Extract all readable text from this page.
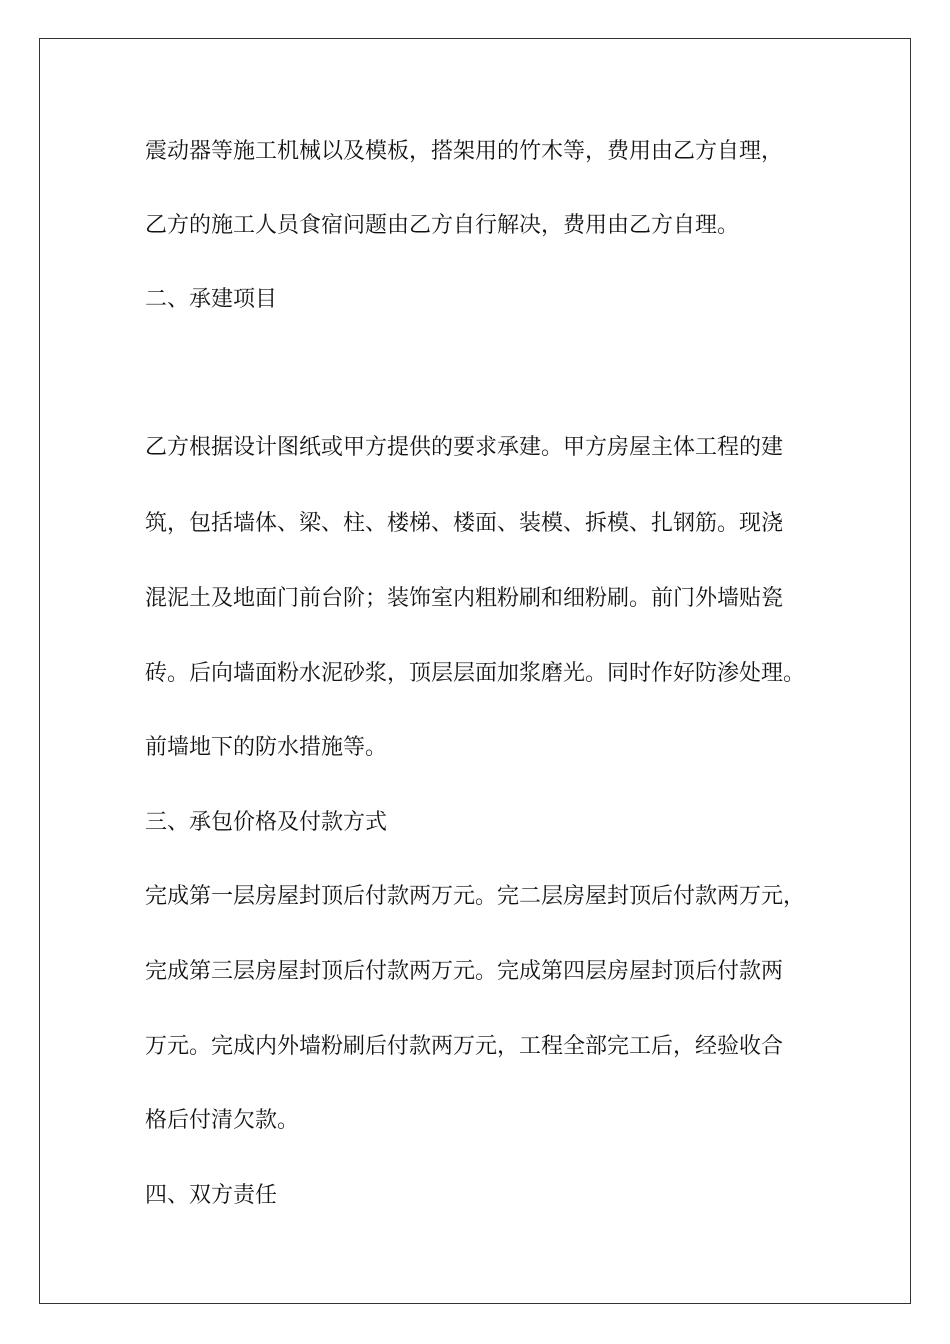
震动器等施工机械以及模板，搭架用的竹木等，费用由乙方自理，
乙方的施工人员食宿问题由乙方自行解决，费用由乙方自理。
二、承建项目
乙方根据设计图纸或甲方提供的要求承建。甲方房屋主体工程的建
筑，包括墙体、梁、柱、楼梯、楼面、装模、拆模、扎钢筋。现浇
混泥土及地面门前台阶；装饰室内粗粉刷和细粉刷。前门外墙贴瓷
砖。后向墙面粉水泥砂浆，顶层层面加浆磨光。同时作好防渗处理。
前墙地下的防水措施等。
三、承包价格及付款方式
完成第一层房屋封顶后付款两万元。完二层房屋封顶后付款两万元，
完成第三层房屋封顶后付款两万元。完成第四层房屋封顶后付款两
万元。完成内外墙粉刷后付款两万元，工程全部完工后，经验收合
格后付清欠款。
四、双方责任
